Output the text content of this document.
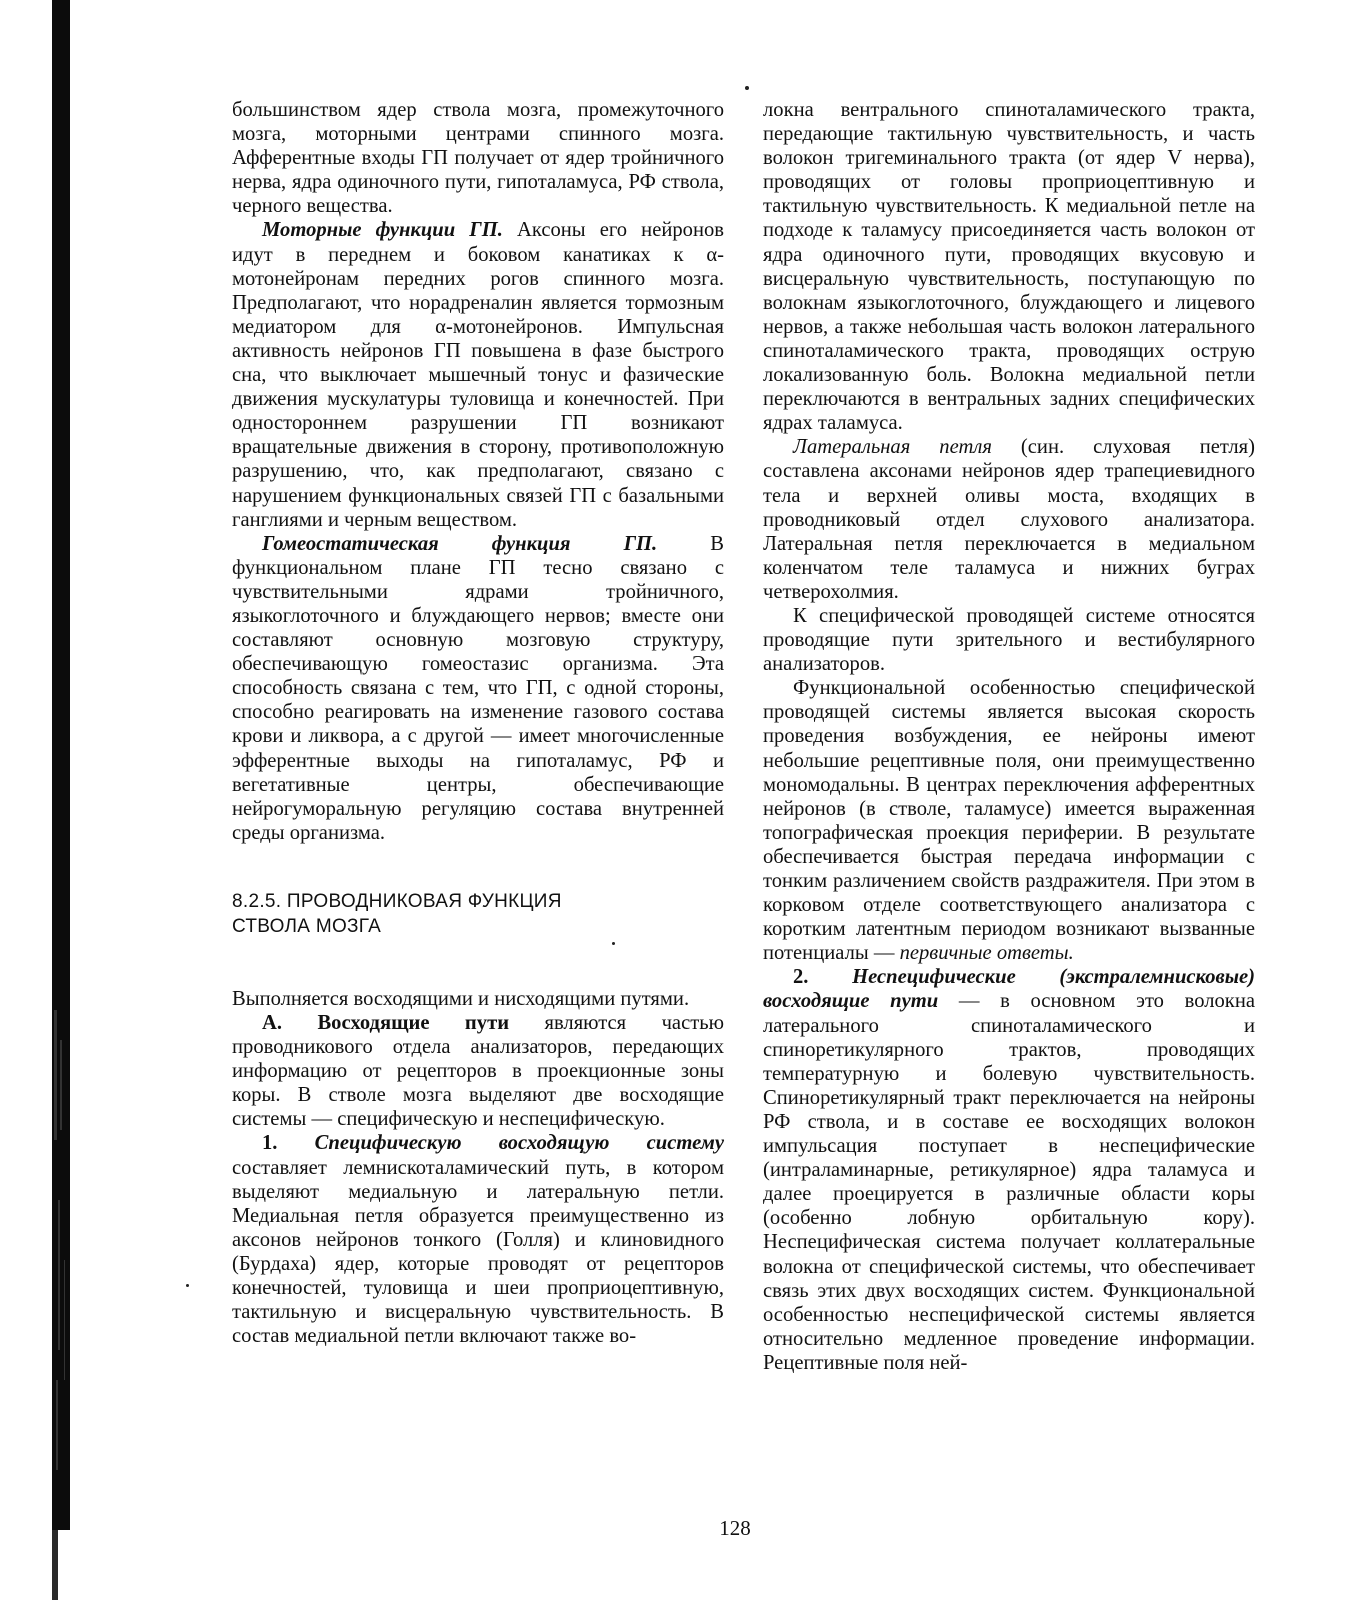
большинством ядер ствола мозга, промежуточного мозга, моторными центрами спинного мозга. Афферентные входы ГП получает от ядер тройничного нерва, ядра одиночного пути, гипоталамуса, РФ ствола, черного вещества.

Моторные функции ГП. Аксоны его нейронов идут в переднем и боковом канатиках к α-мотонейронам передних рогов спинного мозга. Предполагают, что норадреналин является тормозным медиатором для α-мотонейронов. Импульсная активность нейронов ГП повышена в фазе быстрого сна, что выключает мышечный тонус и фазические движения мускулатуры туловища и конечностей. При одностороннем разрушении ГП возникают вращательные движения в сторону, противоположную разрушению, что, как предполагают, связано с нарушением функциональных связей ГП с базальными ганглиями и черным веществом.

Гомеостатическая функция ГП. В функциональном плане ГП тесно связано с чувствительными ядрами тройничного, языкоглоточного и блуждающего нервов; вместе они составляют основную мозговую структуру, обеспечивающую гомеостазис организма. Эта способность связана с тем, что ГП, с одной стороны, способно реагировать на изменение газового состава крови и ликвора, а с другой — имеет многочисленные эфферентные выходы на гипоталамус, РФ и вегетативные центры, обеспечивающие нейрогуморальную регуляцию состава внутренней среды организма.

8.2.5. ПРОВОДНИКОВАЯ ФУНКЦИЯ
СТВОЛА МОЗГА

Выполняется восходящими и нисходящими путями.

А. Восходящие пути являются частью проводникового отдела анализаторов, передающих информацию от рецепторов в проекционные зоны коры. В стволе мозга выделяют две восходящие системы — специфическую и неспецифическую.

1. Специфическую восходящую систему составляет лемнискоталамический путь, в котором выделяют медиальную и латеральную петли. Медиальная петля образуется преимущественно из аксонов нейронов тонкого (Голля) и клиновидного (Бурдаха) ядер, которые проводят от рецепторов конечностей, туловища и шеи проприоцептивную, тактильную и висцеральную чувствительность. В состав медиальной петли включают также во-

локна вентрального спиноталамического тракта, передающие тактильную чувствительность, и часть волокон тригеминального тракта (от ядер V нерва), проводящих от головы проприоцептивную и тактильную чувствительность. К медиальной петле на подходе к таламусу присоединяется часть волокон от ядра одиночного пути, проводящих вкусовую и висцеральную чувствительность, поступающую по волокнам языкоглоточного, блуждающего и лицевого нервов, а также небольшая часть волокон латерального спиноталамического тракта, проводящих острую локализованную боль. Волокна медиальной петли переключаются в вентральных задних специфических ядрах таламуса.

Латеральная петля (син. слуховая петля) составлена аксонами нейронов ядер трапециевидного тела и верхней оливы моста, входящих в проводниковый отдел слухового анализатора. Латеральная петля переключается в медиальном коленчатом теле таламуса и нижних буграх четверохолмия.

К специфической проводящей системе относятся проводящие пути зрительного и вестибулярного анализаторов.

Функциональной особенностью специфической проводящей системы является высокая скорость проведения возбуждения, ее нейроны имеют небольшие рецептивные поля, они преимущественно мономодальны. В центрах переключения афферентных нейронов (в стволе, таламусе) имеется выраженная топографическая проекция периферии. В результате обеспечивается быстрая передача информации с тонким различением свойств раздражителя. При этом в корковом отделе соответствующего анализатора с коротким латентным периодом возникают вызванные потенциалы — первичные ответы.

2. Неспецифические (экстралемнисковые) восходящие пути — в основном это волокна латерального спиноталамического и спиноретикулярного трактов, проводящих температурную и болевую чувствительность. Спиноретикулярный тракт переключается на нейроны РФ ствола, и в составе ее восходящих волокон импульсация поступает в неспецифические (интраламинарные, ретикулярное) ядра таламуса и далее проецируется в различные области коры (особенно лобную орбитальную кору). Неспецифическая система получает коллатеральные волокна от специфической системы, что обеспечивает связь этих двух восходящих систем. Функциональной особенностью неспецифической системы является относительно медленное проведение информации. Рецептивные поля ней-

128
